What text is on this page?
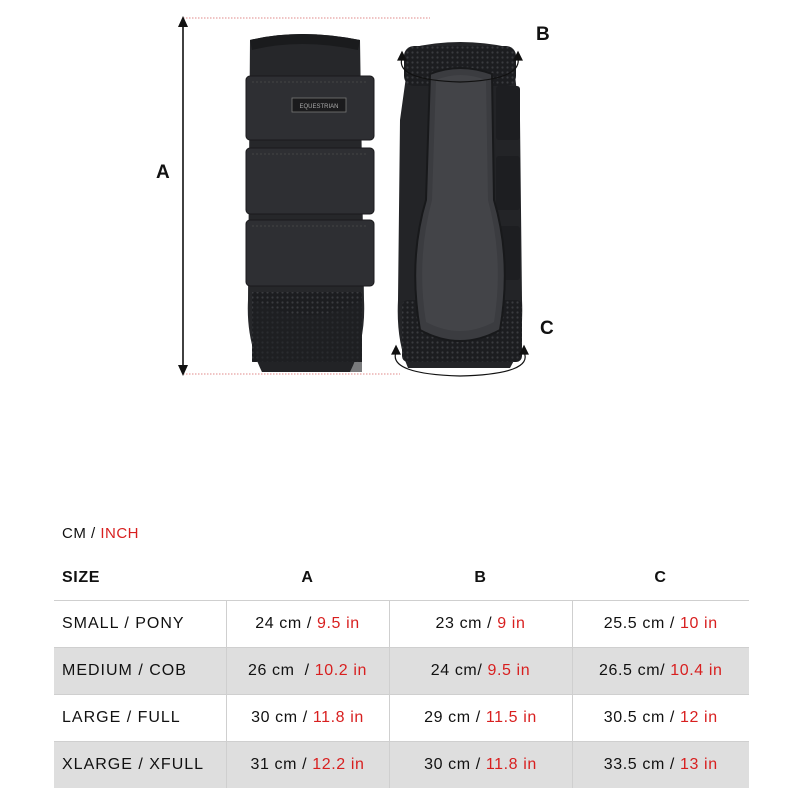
EQUESTRIAN
A
B
C
CM / INCH
SIZE	A	B	C
SMALL / PONY	24 cm / 9.5 in	23 cm / 9 in	25.5 cm / 10 in
MEDIUM / COB	26 cm  / 10.2 in	24 cm/ 9.5 in	26.5 cm/ 10.4 in
LARGE / FULL	30 cm / 11.8 in	29 cm / 11.5 in	30.5 cm / 12 in
XLARGE / XFULL	31 cm / 12.2 in	30 cm / 11.8 in	33.5 cm / 13 in
